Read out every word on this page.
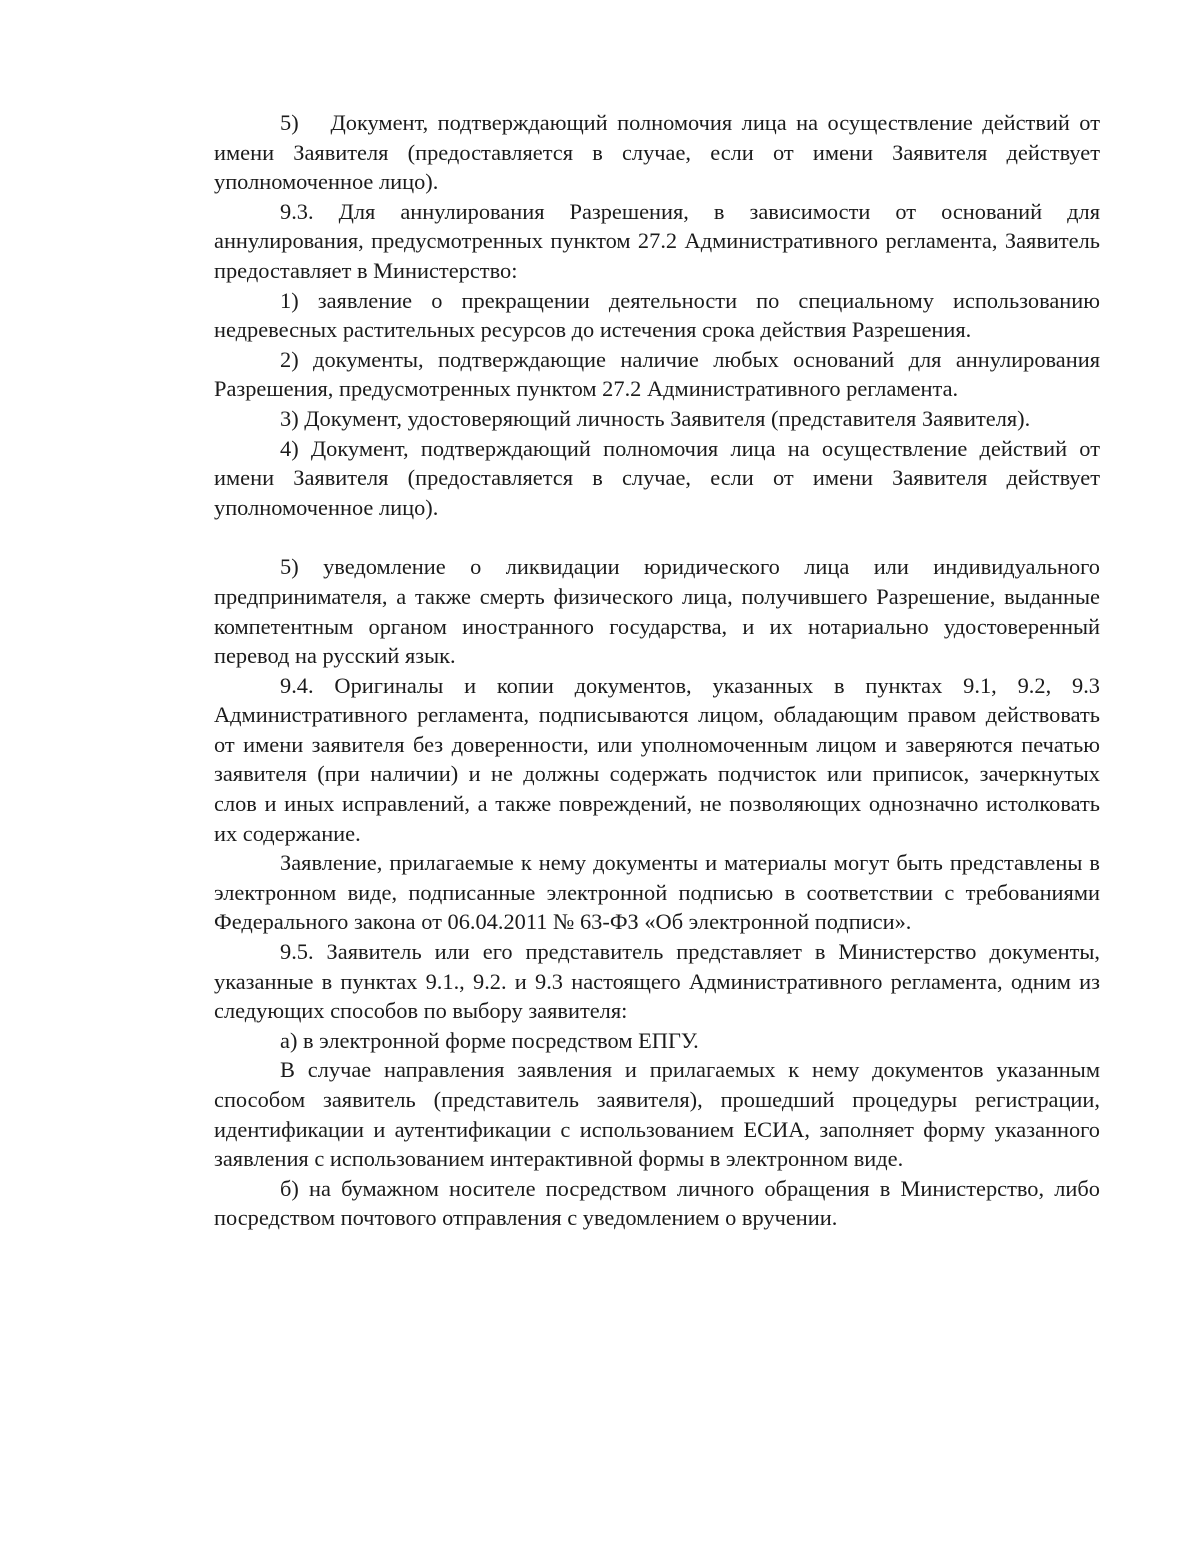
5)  Документ, подтверждающий полномочия лица на осуществление действий от имени Заявителя (предоставляется в случае, если от имени Заявителя действует уполномоченное лицо).

9.3. Для аннулирования Разрешения, в зависимости от оснований для аннулирования, предусмотренных пунктом 27.2 Административного регламента, Заявитель предоставляет в Министерство:

1) заявление о прекращении деятельности по специальному использованию недревесных растительных ресурсов до истечения срока действия Разрешения.

2) документы, подтверждающие наличие любых оснований для аннулирования Разрешения, предусмотренных пунктом 27.2 Административного регламента.

3) Документ, удостоверяющий личность Заявителя (представителя Заявителя).

4) Документ, подтверждающий полномочия лица на осуществление действий от имени Заявителя (предоставляется в случае, если от имени Заявителя действует уполномоченное лицо).

5) уведомление о ликвидации юридического лица или индивидуального предпринимателя, а также смерть физического лица, получившего Разрешение, выданные компетентным органом иностранного государства, и их нотариально удостоверенный перевод на русский язык.

9.4. Оригиналы и копии документов, указанных в пунктах 9.1, 9.2, 9.3 Административного регламента, подписываются лицом, обладающим правом действовать от имени заявителя без доверенности, или уполномоченным лицом и заверяются печатью заявителя (при наличии) и не должны содержать подчисток или приписок, зачеркнутых слов и иных исправлений, а также повреждений, не позволяющих однозначно истолковать их содержание.

Заявление, прилагаемые к нему документы и материалы могут быть представлены в электронном виде, подписанные электронной подписью в соответствии с требованиями Федерального закона от 06.04.2011 № 63-ФЗ «Об электронной подписи».

9.5. Заявитель или его представитель представляет в Министерство документы, указанные в пунктах 9.1., 9.2. и 9.3 настоящего Административного регламента, одним из следующих способов по выбору заявителя:

а) в электронной форме посредством ЕПГУ.

В случае направления заявления и прилагаемых к нему документов указанным способом заявитель (представитель заявителя), прошедший процедуры регистрации, идентификации и аутентификации с использованием ЕСИА, заполняет форму указанного заявления с использованием интерактивной формы в электронном виде.

б) на бумажном носителе посредством личного обращения в Министерство, либо посредством почтового отправления с уведомлением о вручении.
